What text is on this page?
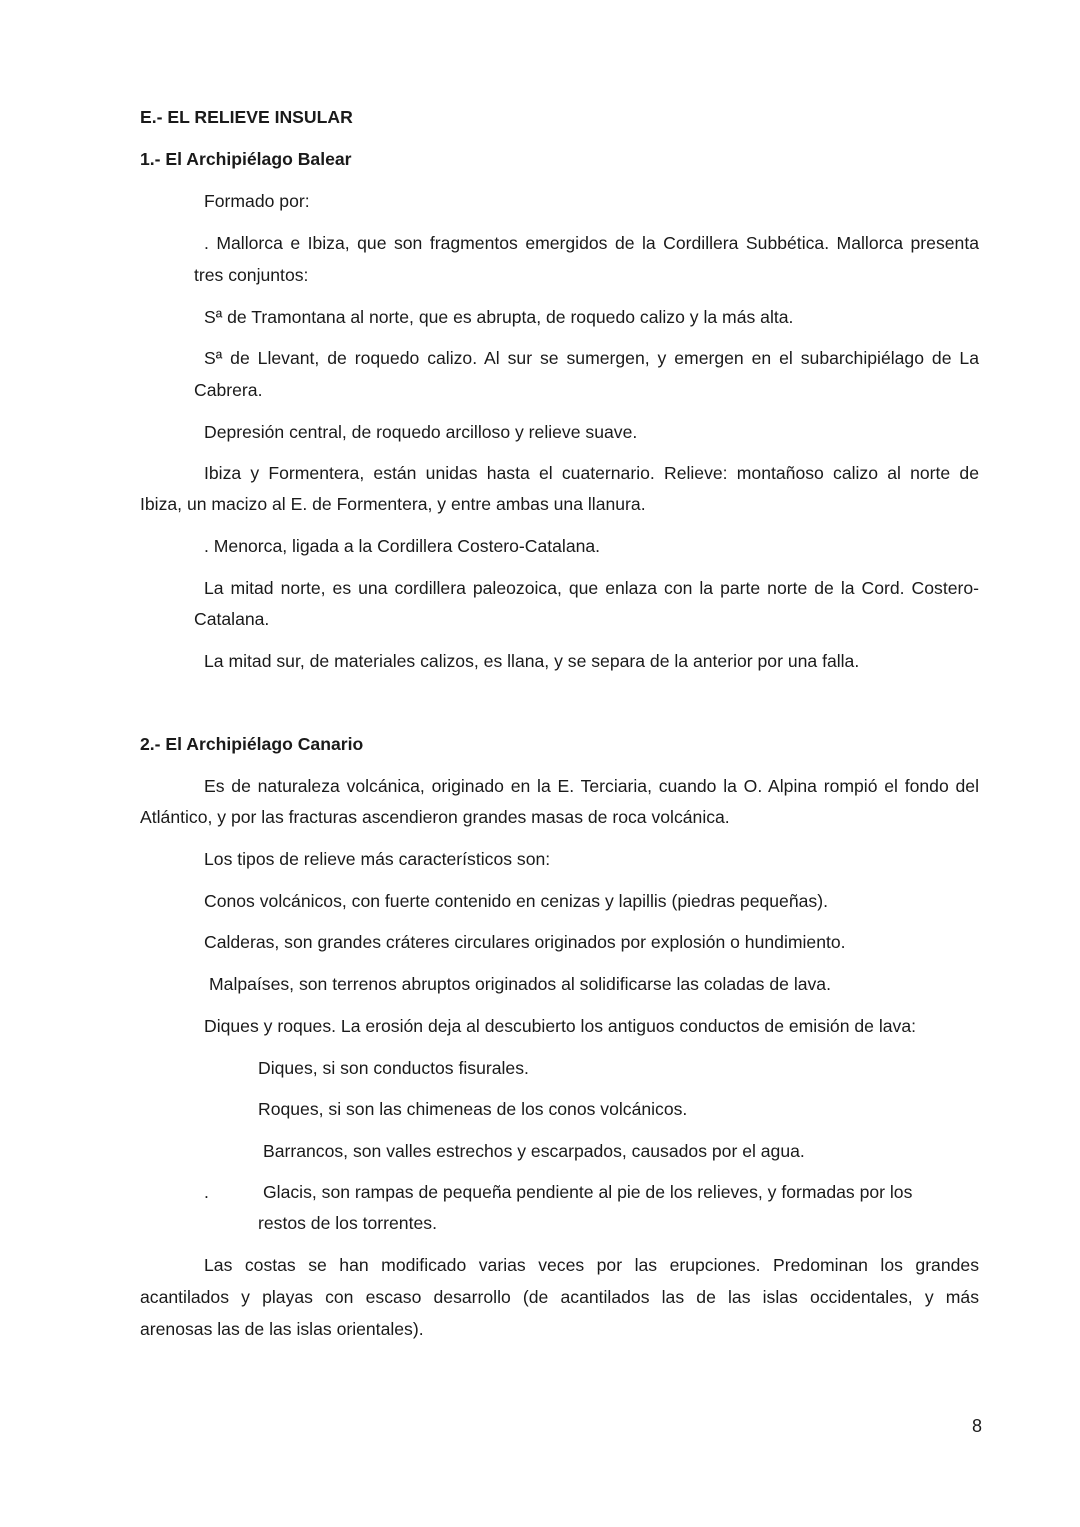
E.- EL RELIEVE INSULAR

1.- El Archipiélago Balear

Formado por:

. Mallorca e Ibiza, que son fragmentos emergidos de la Cordillera Subbética. Mallorca presenta

tres conjuntos:

Sª de Tramontana al norte, que es abrupta, de roquedo calizo y la más alta.

Sª de Llevant, de roquedo calizo. Al sur se sumergen, y emergen en el subarchipiélago de La

Cabrera.

Depresión central, de roquedo arcilloso y relieve suave.

Ibiza y Formentera, están unidas hasta el cuaternario. Relieve: montañoso calizo al norte de

Ibiza, un macizo al E. de Formentera, y entre ambas una llanura.

. Menorca, ligada a la Cordillera Costero-Catalana.

La mitad norte, es una cordillera paleozoica, que enlaza con la parte norte de la Cord. Costero-

Catalana.

La mitad sur, de materiales calizos, es llana, y se separa de la anterior por una falla.

2.- El Archipiélago Canario

Es de naturaleza volcánica, originado en la E. Terciaria, cuando la O. Alpina rompió el fondo del

Atlántico, y por las fracturas ascendieron grandes masas de roca volcánica.

Los tipos de relieve más característicos son:

Conos volcánicos, con fuerte contenido en cenizas y lapillis (piedras pequeñas).

Calderas, son grandes cráteres circulares originados por explosión o hundimiento.

Malpaíses, son terrenos abruptos originados al solidificarse las coladas de lava.

Diques y roques. La erosión deja al descubierto los antiguos conductos de emisión de lava:

Diques, si son conductos fisurales.

Roques, si son las chimeneas de los conos volcánicos.

Barrancos, son valles estrechos y escarpados, causados por el agua.

.	Glacis, son rampas de pequeña pendiente al pie de los relieves, y formadas por los

restos de los torrentes.

Las costas se han modificado varias veces por las erupciones. Predominan los grandes

acantilados y playas con escaso desarrollo (de acantilados las de las islas occidentales, y más

arenosas las de las islas orientales).

8
